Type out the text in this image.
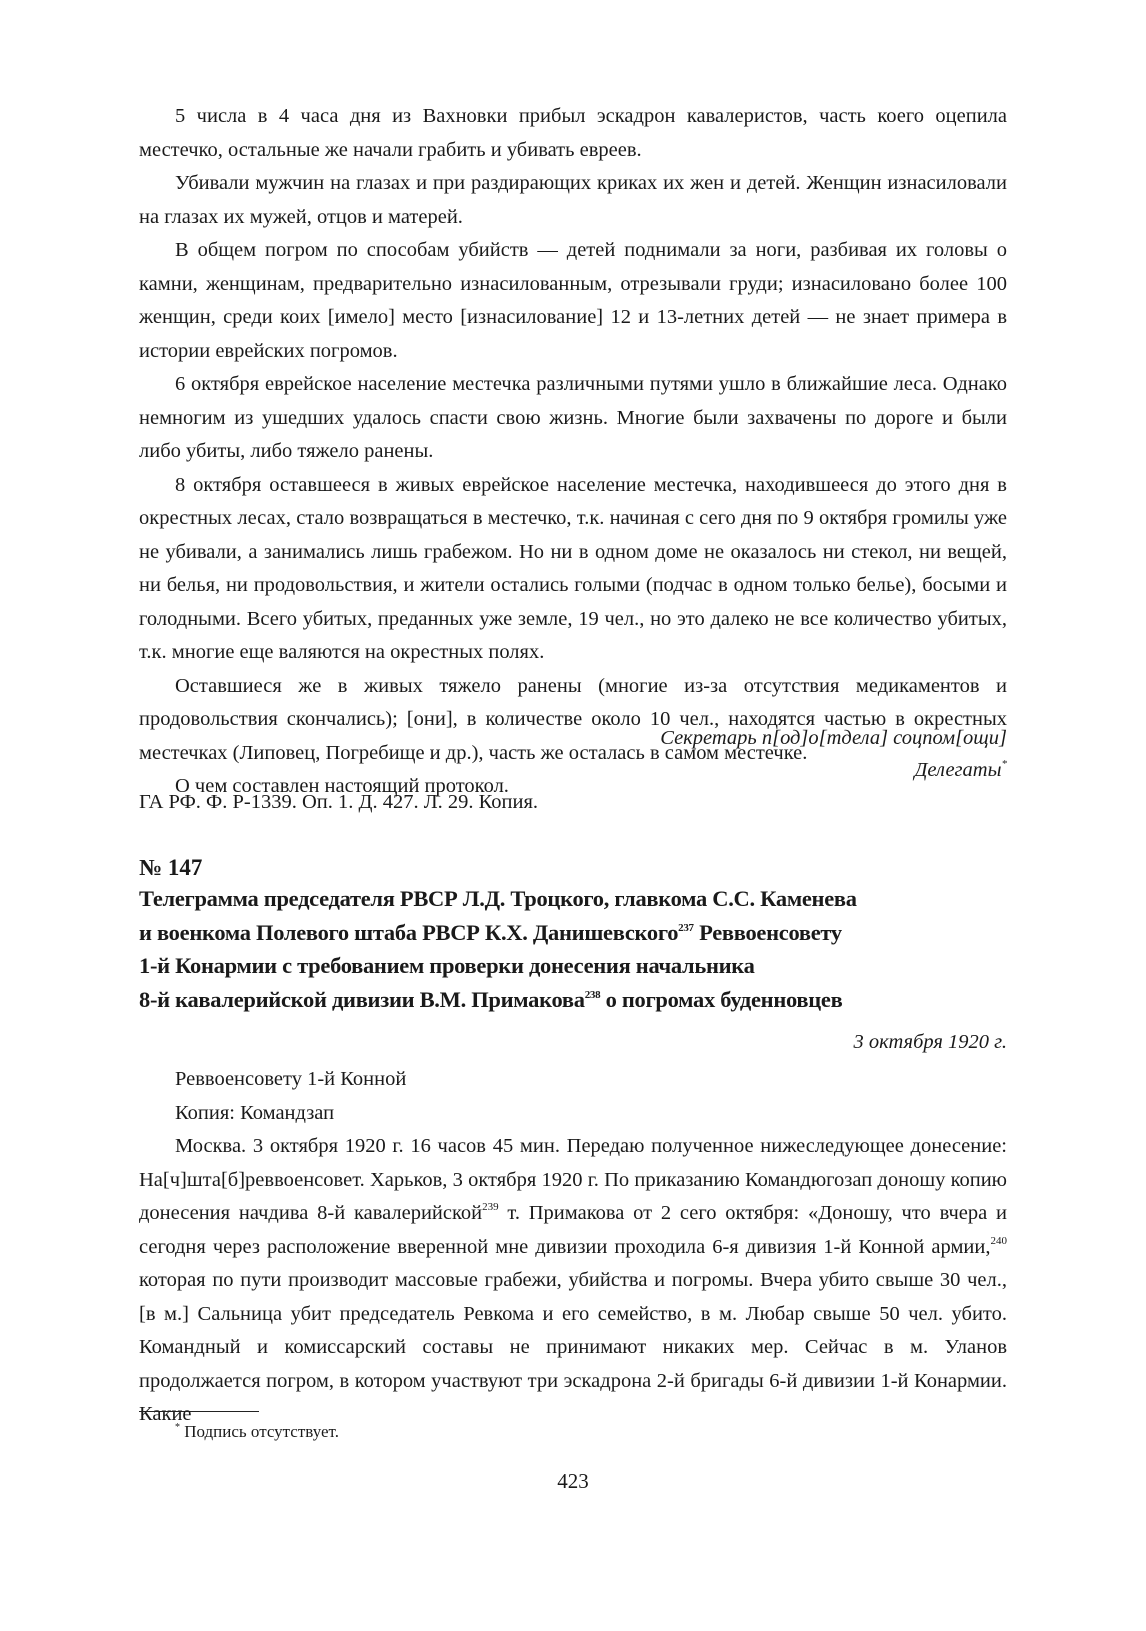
5 числа в 4 часа дня из Вахновки прибыл эскадрон кавалеристов, часть коего оцепила местечко, остальные же начали грабить и убивать евреев.

Убивали мужчин на глазах и при раздирающих криках их жен и детей. Женщин изнасиловали на глазах их мужей, отцов и матерей.

В общем погром по способам убийств — детей поднимали за ноги, разбивая их головы о камни, женщинам, предварительно изнасилованным, отрезывали груди; изнасиловано более 100 женщин, среди коих [имело] место [изнасилование] 12 и 13-летних детей — не знает примера в истории еврейских погромов.

6 октября еврейское население местечка различными путями ушло в ближайшие леса. Однако немногим из ушедших удалось спасти свою жизнь. Многие были захвачены по дороге и были либо убиты, либо тяжело ранены.

8 октября оставшееся в живых еврейское население местечка, находившееся до этого дня в окрестных лесах, стало возвращаться в местечко, т.к. начиная с сего дня по 9 октября громилы уже не убивали, а занимались лишь грабежом. Но ни в одном доме не оказалось ни стекол, ни вещей, ни белья, ни продовольствия, и жители остались голыми (подчас в одном только белье), босыми и голодными. Всего убитых, преданных уже земле, 19 чел., но это далеко не все количество убитых, т.к. многие еще валяются на окрестных полях.

Оставшиеся же в живых тяжело ранены (многие из-за отсутствия медикаментов и продовольствия скончались); [они], в количестве около 10 чел., находятся частью в окрестных местечках (Липовец, Погребище и др.), часть же осталась в самом местечке.

О чем составлен настоящий протокол.

Секретарь п[од]о[тдела] соцпом[ощи]
Делегаты*
ГА РФ. Ф. Р-1339. Оп. 1. Д. 427. Л. 29. Копия.
№ 147
Телеграмма председателя РВСР Л.Д. Троцкого, главкома С.С. Каменева
и военкома Полевого штаба РВСР К.Х. Данишевского$^{237}$ Реввоенсовету
1-й Конармии с требованием проверки донесения начальника
8-й кавалерийской дивизии В.М. Примакова$^{238}$ о погромах буденновцев
3 октября 1920 г.

Реввоенсовету 1-й Конной

Копия: Командзап

Москва. 3 октября 1920 г. 16 часов 45 мин. Передаю полученное нижеследующее донесение: На[ч]шта[б]реввоенсовет. Харьков, 3 октября 1920 г. По приказанию Командюгозап доношу копию донесения начдива 8-й кавалерийской$^{239}$ т. Примакова от 2 сего октября: «Доношу, что вчера и сегодня через расположение вверенной мне дивизии проходила 6-я дивизия 1-й Конной армии,$^{240}$ которая по пути производит массовые грабежи, убийства и погромы. Вчера убито свыше 30 чел., [в м.] Сальница убит председатель Ревкома и его семейство, в м. Любар свыше 50 чел. убито. Командный и комиссарский составы не принимают никаких мер. Сейчас в м. Уланов продолжается погром, в котором участвуют три эскадрона 2-й бригады 6-й дивизии 1-й Конармии. Какие

* Подпись отсутствует.
423
